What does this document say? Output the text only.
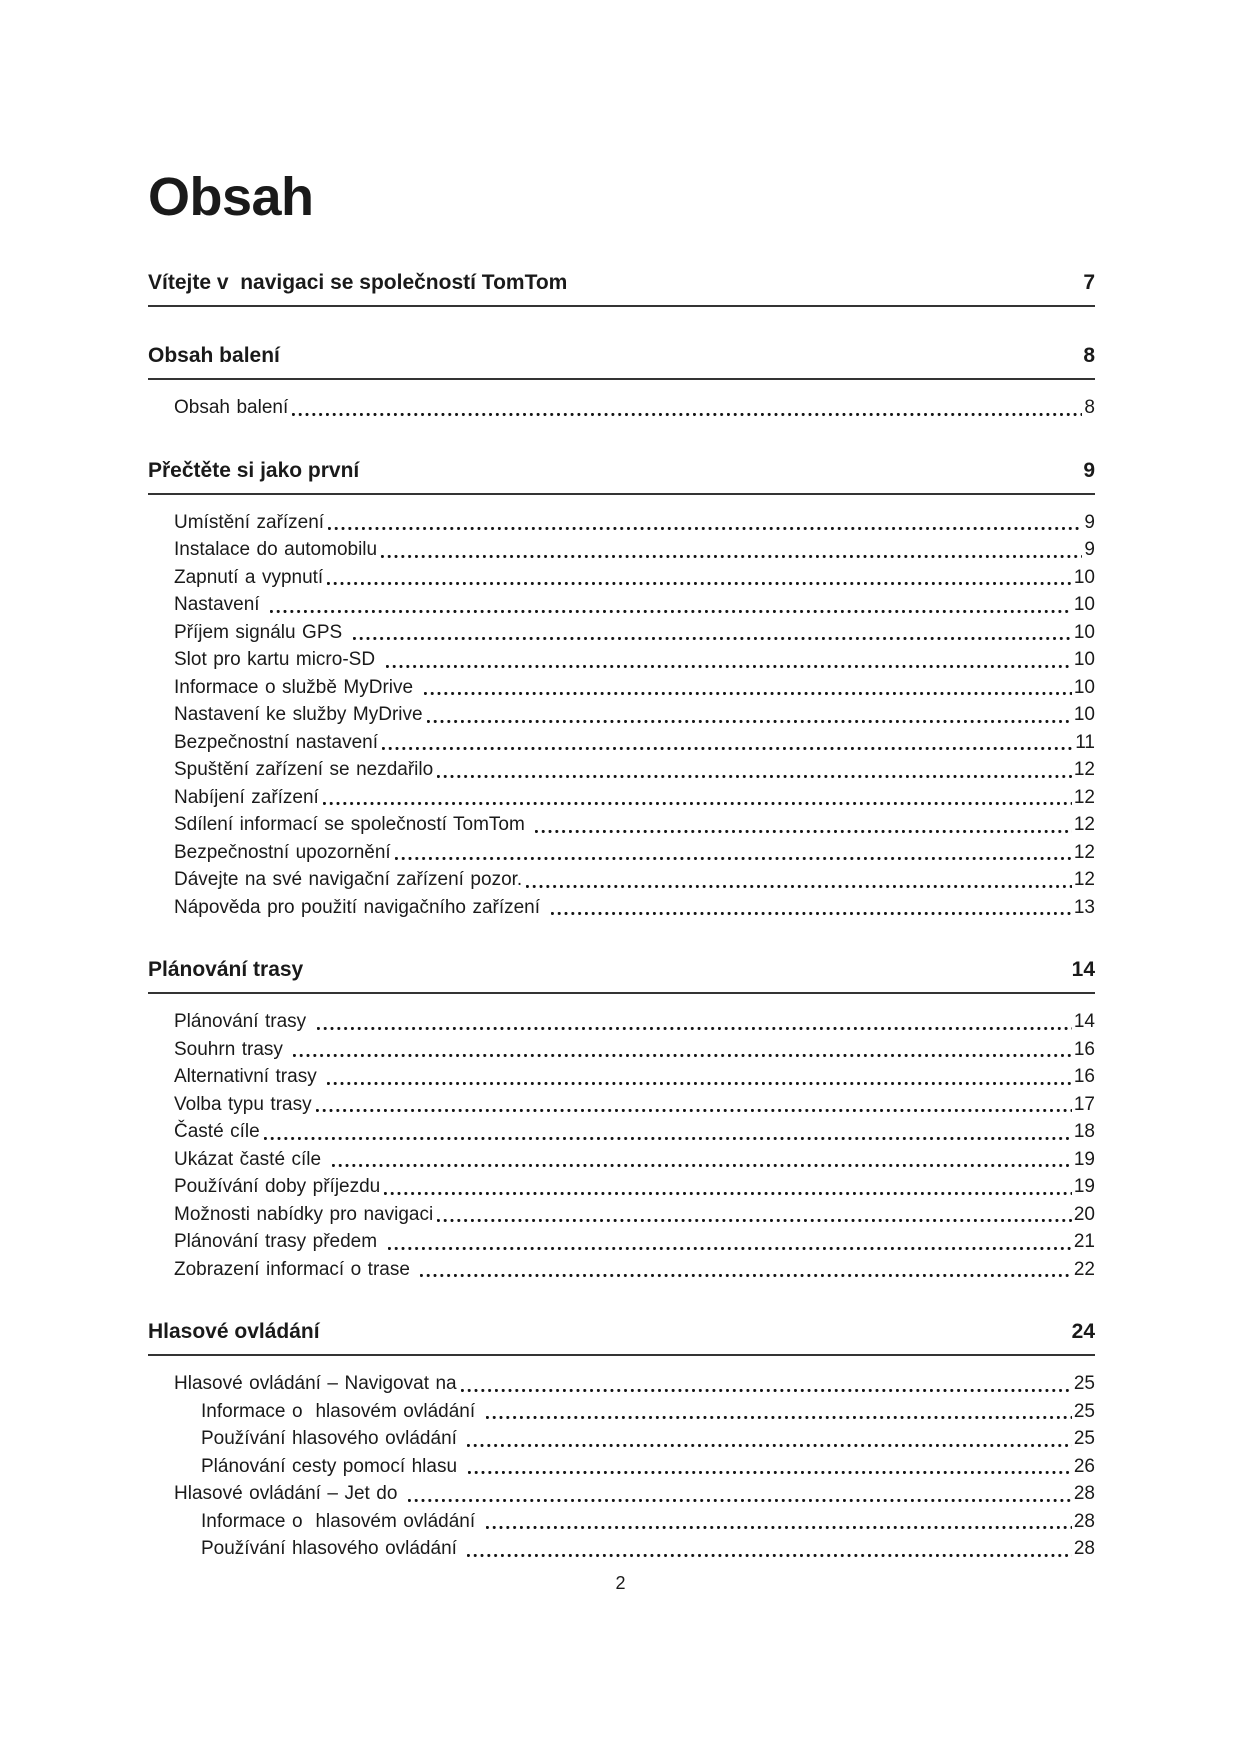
Obsah
Vítejte v  navigaci se společností TomTom	7
Obsah balení	8
Obsah balení	8
Přečtěte si jako první	9
Umístění zařízení	9
Instalace do automobilu	9
Zapnutí a vypnutí	10
Nastavení	10
Příjem signálu GPS	10
Slot pro kartu micro-SD	10
Informace o službě MyDrive	10
Nastavení ke služby MyDrive	10
Bezpečnostní nastavení	11
Spuštění zařízení se nezdařilo	12
Nabíjení zařízení	12
Sdílení informací se společností TomTom	12
Bezpečnostní upozornění	12
Dávejte na své navigační zařízení pozor.	12
Nápověda pro použití navigačního zařízení	13
Plánování trasy	14
Plánování trasy	14
Souhrn trasy	16
Alternativní trasy	16
Volba typu trasy	17
Časté cíle	18
Ukázat časté cíle	19
Používání doby příjezdu	19
Možnosti nabídky pro navigaci	20
Plánování trasy předem	21
Zobrazení informací o trase	22
Hlasové ovládání	24
Hlasové ovládání – Navigovat na	25
Informace o  hlasovém ovládání	25
Používání hlasového ovládání	25
Plánování cesty pomocí hlasu	26
Hlasové ovládání – Jet do	28
Informace o  hlasovém ovládání	28
Používání hlasového ovládání	28
2
